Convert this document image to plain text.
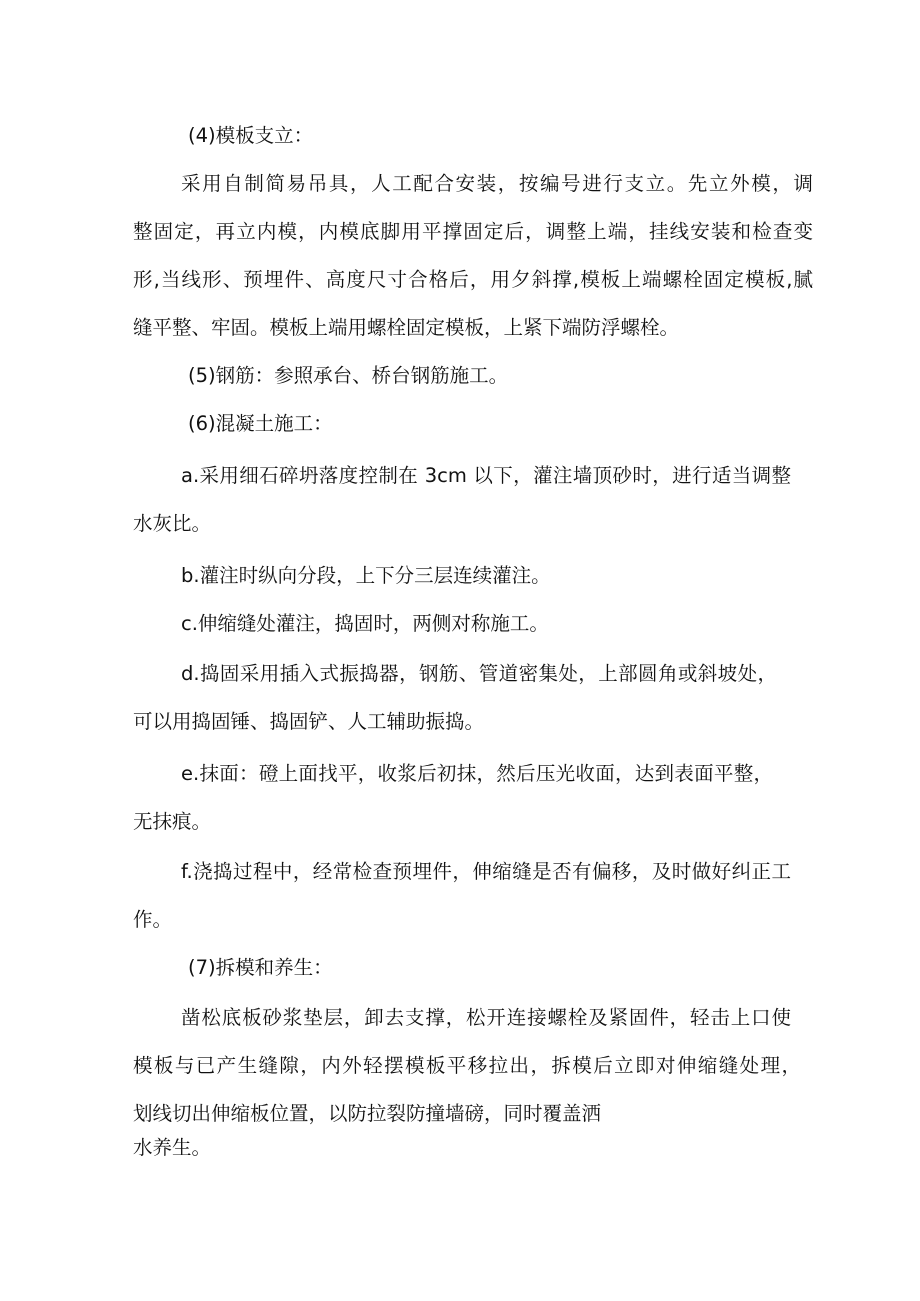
(4)模板支立：

采用自制简易吊具，人工配合安装，按编号进行支立。先立外模，调

整固定，再立内模，内模底脚用平撑固定后，调整上端，挂线安装和检查变

形,当线形、预埋件、高度尺寸合格后，用夕斜撑,模板上端螺栓固定模板,腻

缝平整、牢固。模板上端用螺栓固定模板，上紧下端防浮螺栓。

(5)钢筋：参照承台、桥台钢筋施工。

(6)混凝土施工：

a.采用细石碎坍落度控制在 3cm 以下，灌注墙顶砂时，进行适当调整

水灰比。

b.灌注时纵向分段，上下分三层连续灌注。

c.伸缩缝处灌注，捣固时，两侧对称施工。

d.捣固采用插入式振捣器，钢筋、管道密集处，上部圆角或斜坡处，

可以用捣固锤、捣固铲、人工辅助振捣。

e.抹面：磴上面找平，收浆后初抹，然后压光收面，达到表面平整，

无抹痕。

f.浇捣过程中，经常检查预埋件，伸缩缝是否有偏移，及时做好纠正工

作。

(7)拆模和养生：

凿松底板砂浆垫层，卸去支撑，松开连接螺栓及紧固件，轻击上口使

模板与已产生缝隙，内外轻摆模板平移拉出，拆模后立即对伸缩缝处理，

划线切出伸缩板位置，以防拉裂防撞墙磅，同时覆盖洒

水养生。
